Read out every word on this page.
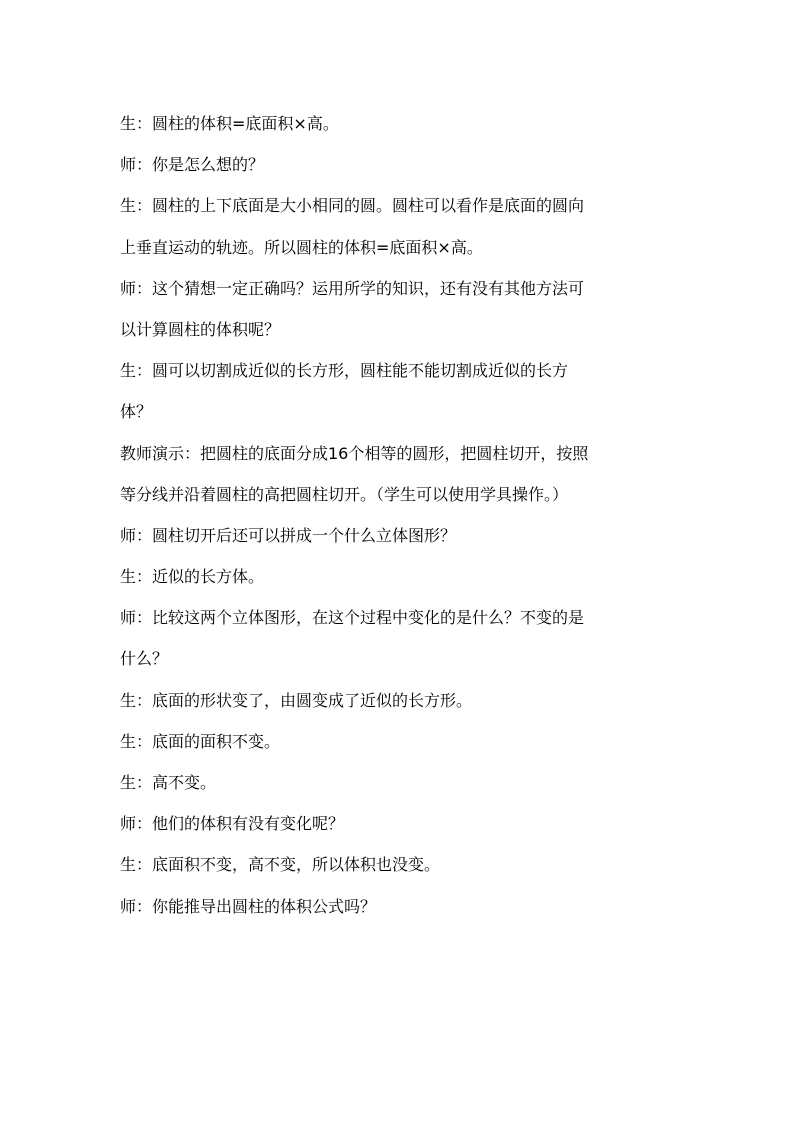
生：圆柱的体积=底面积×高。
师：你是怎么想的？
生：圆柱的上下底面是大小相同的圆。圆柱可以看作是底面的圆向
上垂直运动的轨迹。所以圆柱的体积=底面积×高。
师：这个猜想一定正确吗？运用所学的知识，还有没有其他方法可
以计算圆柱的体积呢？
生：圆可以切割成近似的长方形，圆柱能不能切割成近似的长方
体？
教师演示：把圆柱的底面分成16个相等的圆形，把圆柱切开，按照
等分线并沿着圆柱的高把圆柱切开。（学生可以使用学具操作。）
师：圆柱切开后还可以拼成一个什么立体图形？
生：近似的长方体。
师：比较这两个立体图形，在这个过程中变化的是什么？不变的是
什么？
生：底面的形状变了，由圆变成了近似的长方形。
生：底面的面积不变。
生：高不变。
师：他们的体积有没有变化呢？
生：底面积不变，高不变，所以体积也没变。
师：你能推导出圆柱的体积公式吗？
